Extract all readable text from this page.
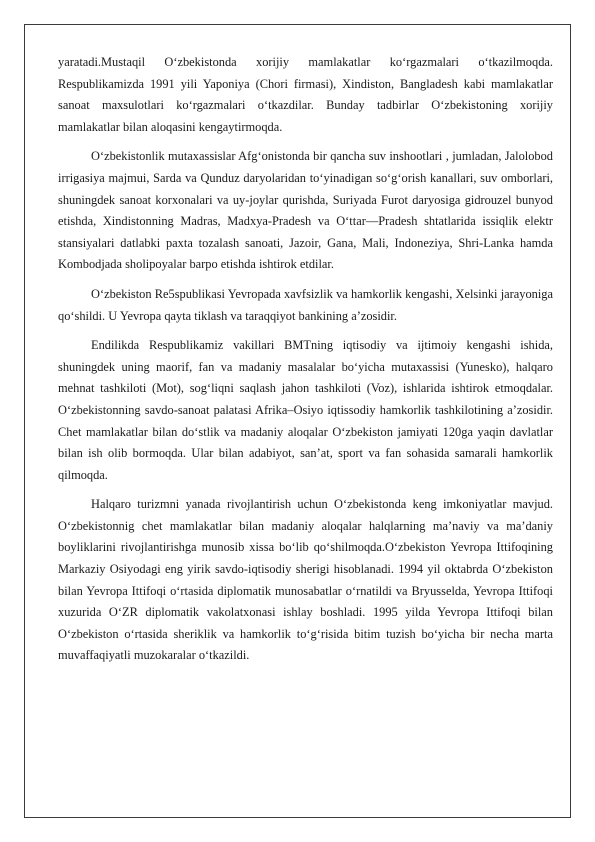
yaratadi.Mustaqil O‘zbekistonda xorijiy mamlakatlar ko‘rgazmalari o‘tkazilmoqda. Respublikamizda 1991 yili Yaponiya (Chori firmasi), Xindiston, Bangladesh kabi mamlakatlar sanoat maxsulotlari ko‘rgazmalari o‘tkazdilar. Bunday tadbirlar O‘zbekistoning xorijiy mamlakatlar bilan aloqasini kengaytirmoqda.

O‘zbekistonlik mutaxassislar Afg‘onistonda bir qancha suv inshootlari , jumladan, Jalolobod irrigasiya majmui, Sarda va Qunduz daryolaridan to‘yinadigan so‘g‘orish kanallari, suv omborlari, shuningdek sanoat korxonalari va uy-joylar qurishda, Suriyada Furot daryosiga gidrouzel bunyod etishda, Xindistonning Madras, Madxya-Pradesh va O‘ttar—Pradesh shtatlarida issiqlik elektr stansiyalari datlabki paxta tozalash sanoati, Jazoir, Gana, Mali, Indoneziya, Shri-Lanka hamda Kombodjada sholipoyalar barpo etishda ishtirok etdilar.

O‘zbekiston Re5spublikasi Yevropada xavfsizlik va hamkorlik kengashi, Xelsinki jarayoniga qo‘shildi. U Yevropa qayta tiklash va taraqqiyot bankining a’zosidir.

Endilikda Respublikamiz vakillari BMTning iqtisodiy va ijtimoiy kengashi ishida, shuningdek uning maorif, fan va madaniy masalalar bo‘yicha mutaxassisi (Yunesko), halqaro mehnat tashkiloti (Mot), sog‘liqni saqlash jahon tashkiloti (Voz), ishlarida ishtirok etmoqdalar. O‘zbekistonning savdo-sanoat palatasi Afrika–Osiyo iqtissodiy hamkorlik tashkilotining a’zosidir. Chet mamlakatlar bilan do‘stlik va madaniy aloqalar O‘zbekiston jamiyati 120ga yaqin davlatlar bilan ish olib bormoqda. Ular bilan adabiyot, san’at, sport va fan sohasida samarali hamkorlik qilmoqda.

Halqaro turizmni yanada rivojlantirish uchun O‘zbekistonda keng imkoniyatlar mavjud. O‘zbekistonnig chet mamlakatlar bilan madaniy aloqalar halqlarning ma’naviy va ma’daniy boyliklarini rivojlantirishga munosib xissa bo‘lib qo‘shilmoqda.O‘zbekiston Yevropa Ittifoqining Markaziy Osiyodagi eng yirik savdo-iqtisodiy sherigi hisoblanadi. 1994 yil oktabrda O‘zbekiston bilan Yevropa Ittifoqi o‘rtasida diplomatik munosabatlar o‘rnatildi va Bryusselda, Yevropa Ittifoqi xuzurida O‘ZR diplomatik vakolatxonasi ishlay boshladi. 1995 yilda Yevropa Ittifoqi bilan O‘zbekiston o‘rtasida sheriklik va hamkorlik to‘g‘risida bitim tuzish bo‘yicha bir necha marta muvaffaqiyatli muzokaralar o‘tkazildi.
